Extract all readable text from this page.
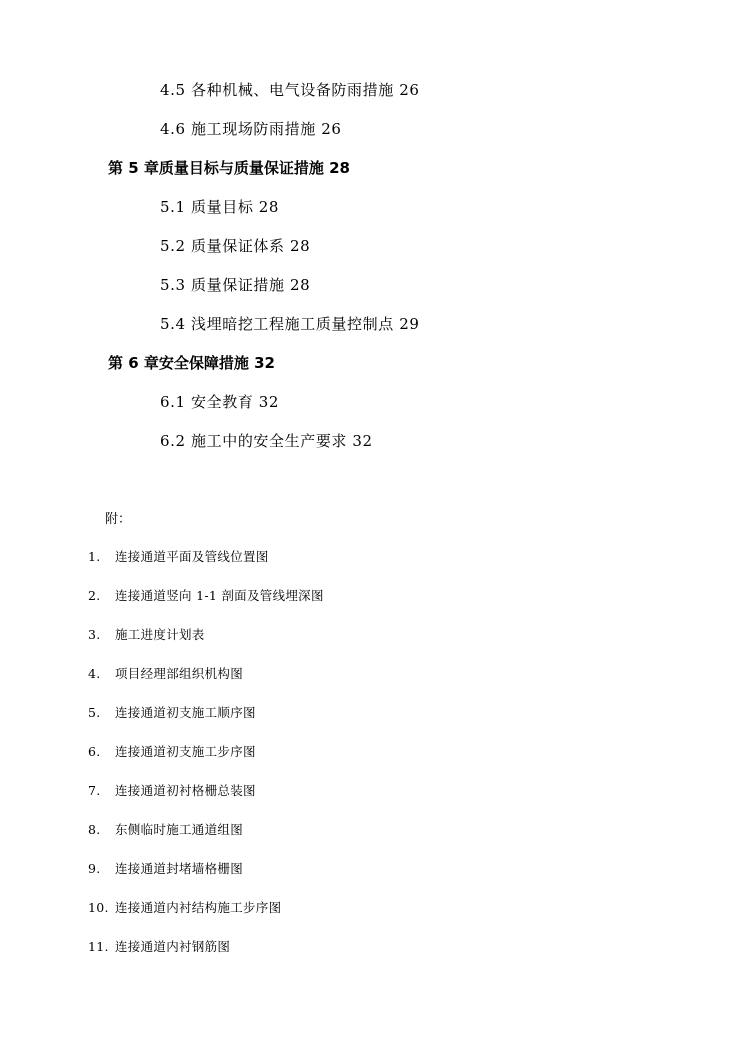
4.5 各种机械、电气设备防雨措施 26
4.6 施工现场防雨措施 26
第 5 章质量目标与质量保证措施 28
5.1 质量目标 28
5.2 质量保证体系 28
5.3 质量保证措施 28
5.4 浅埋暗挖工程施工质量控制点 29
第 6 章安全保障措施 32
6.1 安全教育 32
6.2 施工中的安全生产要求 32
附：
1. 连接通道平面及管线位置图
2. 连接通道竖向 1-1 剖面及管线埋深图
3. 施工进度计划表
4. 项目经理部组织机构图
5. 连接通道初支施工顺序图
6. 连接通道初支施工步序图
7. 连接通道初衬格栅总装图
8. 东侧临时施工通道组图
9. 连接通道封堵墙格栅图
10. 连接通道内衬结构施工步序图
11. 连接通道内衬钢筋图
